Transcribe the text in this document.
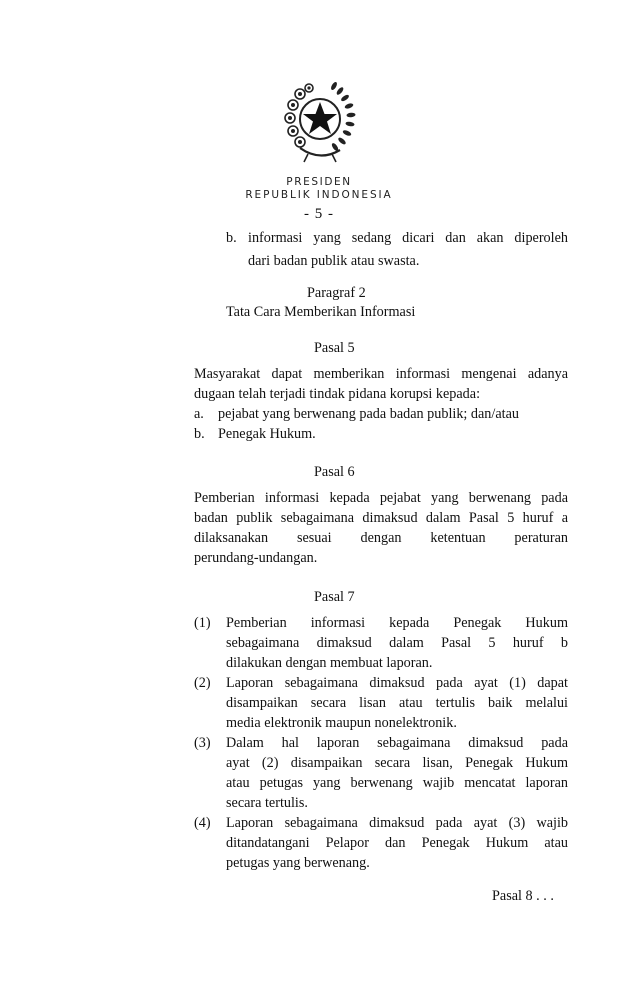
PRESIDEN
REPUBLIK INDONESIA
- 5 -
b. informasi yang sedang dicari dan akan diperoleh
dari badan publik atau swasta.
Paragraf 2
Tata Cara Memberikan Informasi
Pasal 5
Masyarakat dapat memberikan informasi mengenai adanya
dugaan telah terjadi tindak pidana korupsi kepada:
a. pejabat yang berwenang pada badan publik; dan/atau
b. Penegak Hukum.
Pasal 6
Pemberian informasi kepada pejabat yang berwenang pada
badan publik sebagaimana dimaksud dalam Pasal 5 huruf a
dilaksanakan sesuai dengan ketentuan peraturan
perundang-undangan.
Pasal 7
(1) Pemberian informasi kepada Penegak Hukum
sebagaimana dimaksud dalam Pasal 5 huruf b
dilakukan dengan membuat laporan.
(2) Laporan sebagaimana dimaksud pada ayat (1) dapat
disampaikan secara lisan atau tertulis baik melalui
media elektronik maupun nonelektronik.
(3) Dalam hal laporan sebagaimana dimaksud pada
ayat (2) disampaikan secara lisan, Penegak Hukum
atau petugas yang berwenang wajib mencatat laporan
secara tertulis.
(4) Laporan sebagaimana dimaksud pada ayat (3) wajib
ditandatangani Pelapor dan Penegak Hukum atau
petugas yang berwenang.
Pasal 8 . . .
